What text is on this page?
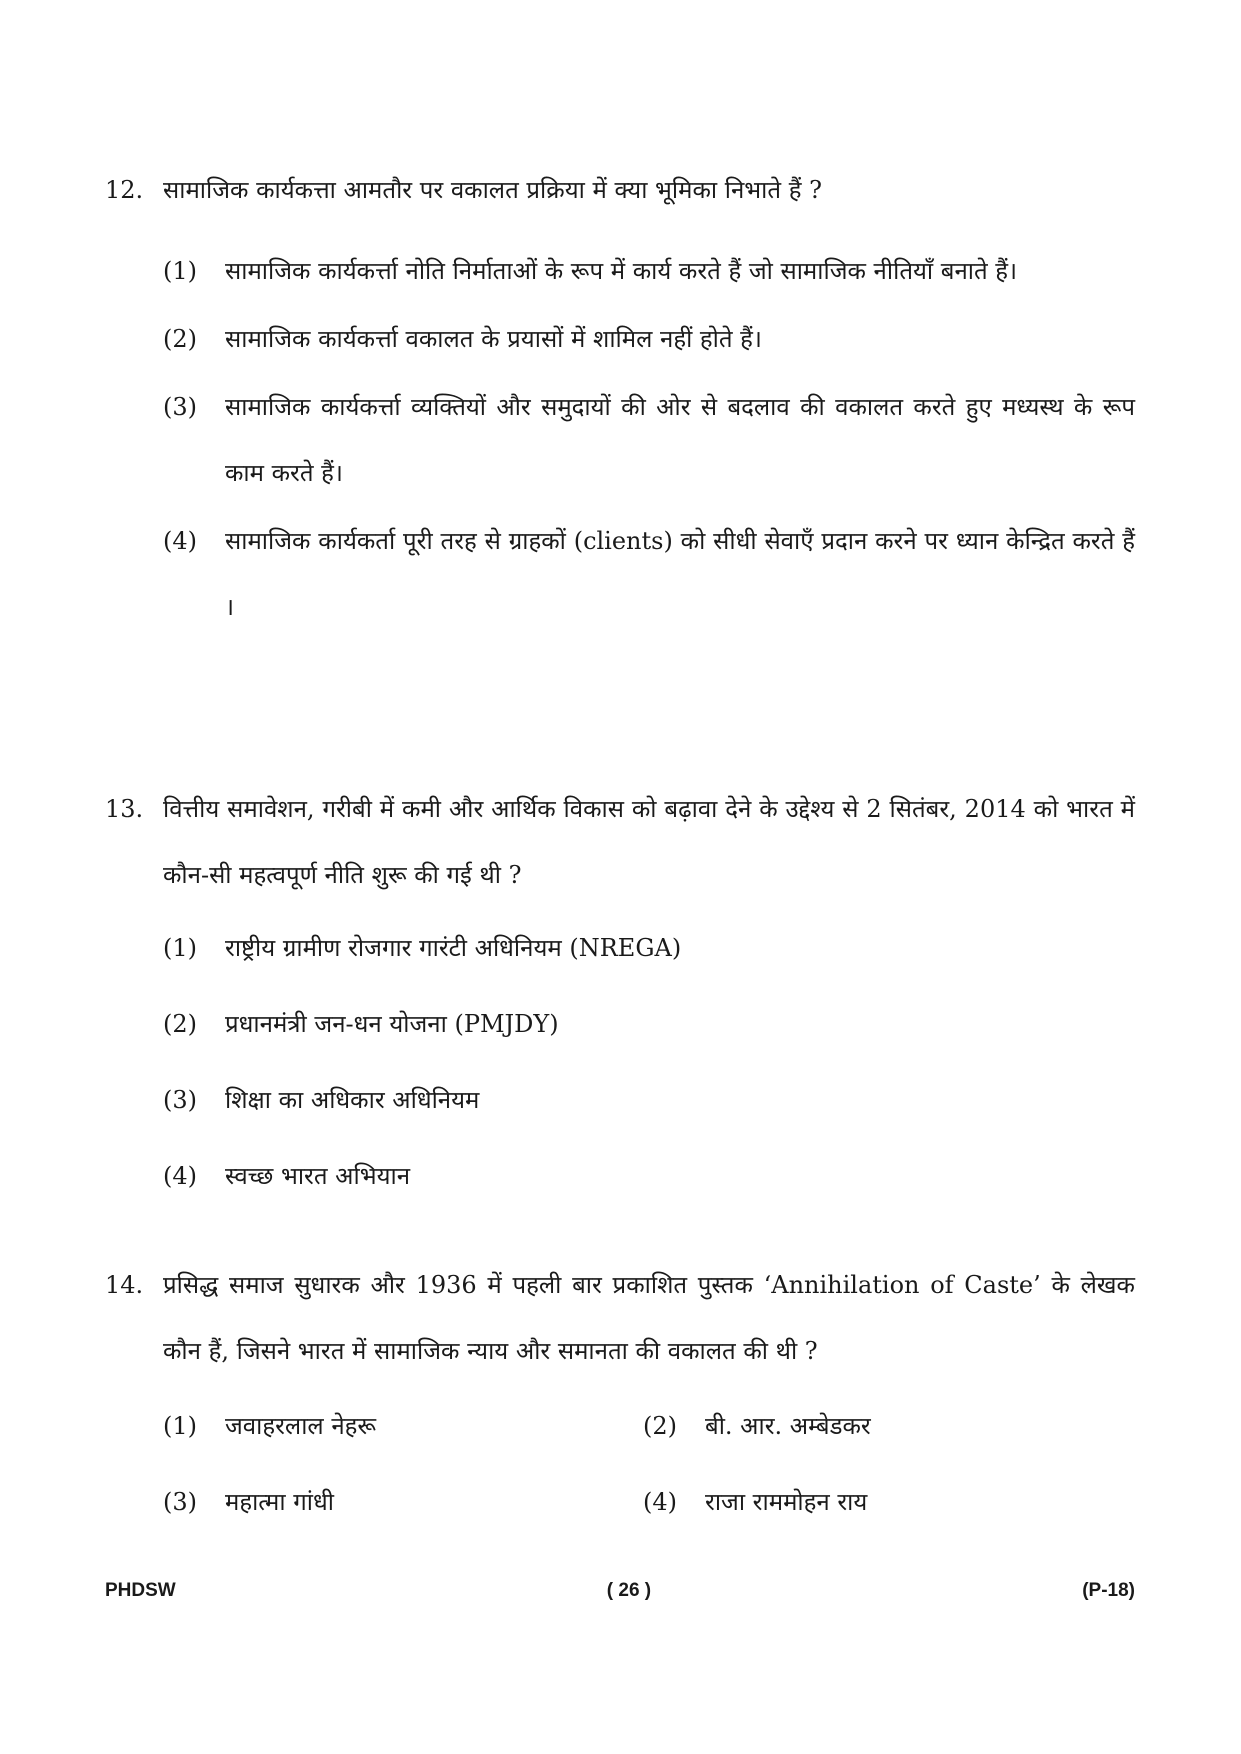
12. सामाजिक कार्यकत्ता आमतौर पर वकालत प्रक्रिया में क्या भूमिका निभाते हैं ?
(1)	सामाजिक कार्यकर्त्ता नोति निर्माताओं के रूप में कार्य करते हैं जो सामाजिक नीतियाँ बनाते हैं।
(2)	सामाजिक कार्यकर्त्ता वकालत के प्रयासों में शामिल नहीं होते हैं।
(3)	सामाजिक कार्यकर्त्ता व्यक्तियों और समुदायों की ओर से बदलाव की वकालत करते हुए मध्यस्थ के रूप काम करते हैं।
(4)	सामाजिक कार्यकर्ता पूरी तरह से ग्राहकों (clients) को सीधी सेवाएँ प्रदान करने पर ध्यान केन्द्रित करते हैं ।
13. वित्तीय समावेशन, गरीबी में कमी और आर्थिक विकास को बढ़ावा देने के उद्देश्य से 2 सितंबर, 2014 को भारत में कौन-सी महत्वपूर्ण नीति शुरू की गई थी ?
(1)	राष्ट्रीय ग्रामीण रोजगार गारंटी अधिनियम (NREGA)
(2)	प्रधानमंत्री जन-धन योजना (PMJDY)
(3)	शिक्षा का अधिकार अधिनियम
(4)	स्वच्छ भारत अभियान
14. प्रसिद्ध समाज सुधारक और 1936 में पहली बार प्रकाशित पुस्तक ‘Annihilation of Caste’ के लेखक कौन हैं, जिसने भारत में सामाजिक न्याय और समानता की वकालत की थी ?
(1)	जवाहरलाल नेहरू	(2)	बी. आर. अम्बेडकर
(3)	महात्मा गांधी	(4)	राजा राममोहन राय
PHDSW	( 26 )	(P-18)
